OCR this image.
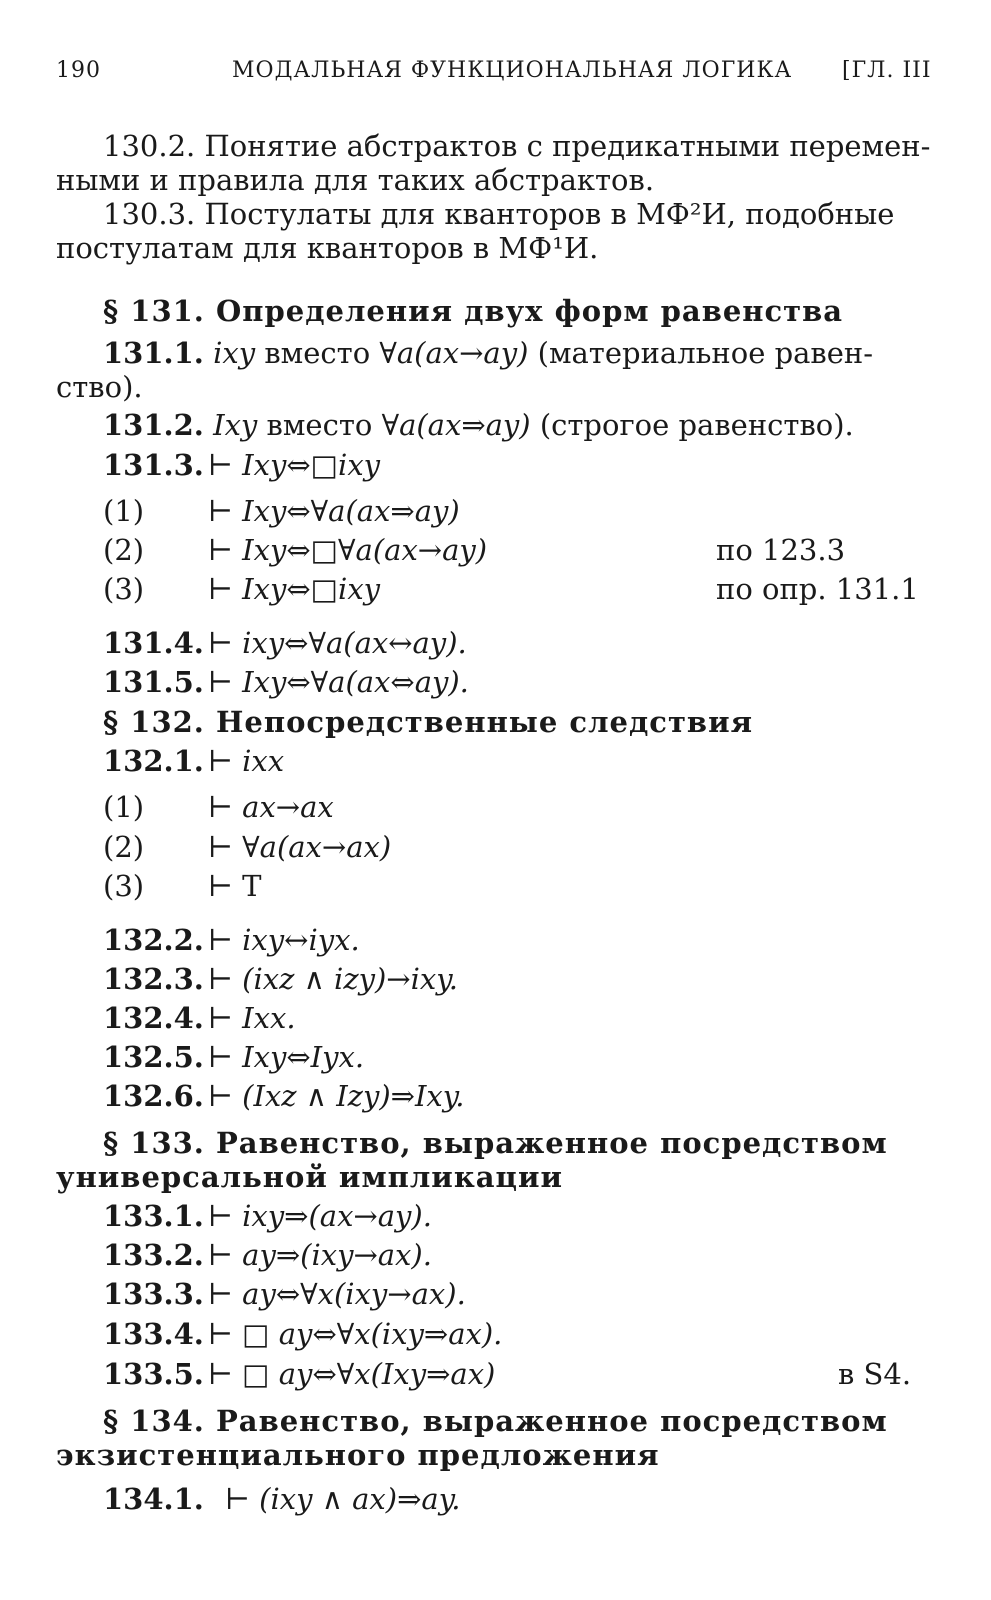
190	МОДАЛЬНАЯ ФУНКЦИОНАЛЬНАЯ ЛОГИКА [ГЛ. III
130.2. Понятие абстрактов с предикатными перемен-
ными и правила для таких абстрактов.
130.3. Постулаты для кванторов в МФ²И, подобные
постулатам для кванторов в МФ¹И.
§ 131. Определения двух форм равенства
131.1. ixy вместо ∀a(ax→ay) (материальное равен-
ство).
131.2. Ixy вместо ∀a(ax⇒ay) (строгое равенство).
131.3. ⊢ Ixy⇔□ixy
(1) ⊢ Ixy⇔∀a(ax⇒ay)
(2) ⊢ Ixy⇔□∀a(ax→ay)	по 123.3
(3) ⊢ Ixy⇔□ixy	по опр. 131.1
131.4. ⊢ ixy⇔∀a(ax↔ay).
131.5. ⊢ Ixy⇔∀a(ax⇔ay).
§ 132. Непосредственные следствия
132.1. ⊢ ixx
(1) ⊢ ax→ax
(2) ⊢ ∀a(ax→ax)
(3) ⊢ T
132.2. ⊢ ixy↔iyx.
132.3. ⊢ (ixz ∧ izy)→ixy.
132.4. ⊢ Ixx.
132.5. ⊢ Ixy⇔Iyx.
132.6. ⊢ (Ixz ∧ Izy)⇒Ixy.
§ 133. Равенство, выраженное посредством
универсальной импликации
133.1. ⊢ ixy⇒(ax→ay).
133.2. ⊢ ay⇒(ixy→ax).
133.3. ⊢ ay⇔∀x(ixy→ax).
133.4. ⊢ □ ay⇔∀x(ixy⇒ax).
133.5. ⊢ □ ay⇔∀x(Ixy⇒ax)	в S4.
§ 134. Равенство, выраженное посредством
экзистенциального предложения
134.1. ⊢ (ixy ∧ ax)⇒ay.
